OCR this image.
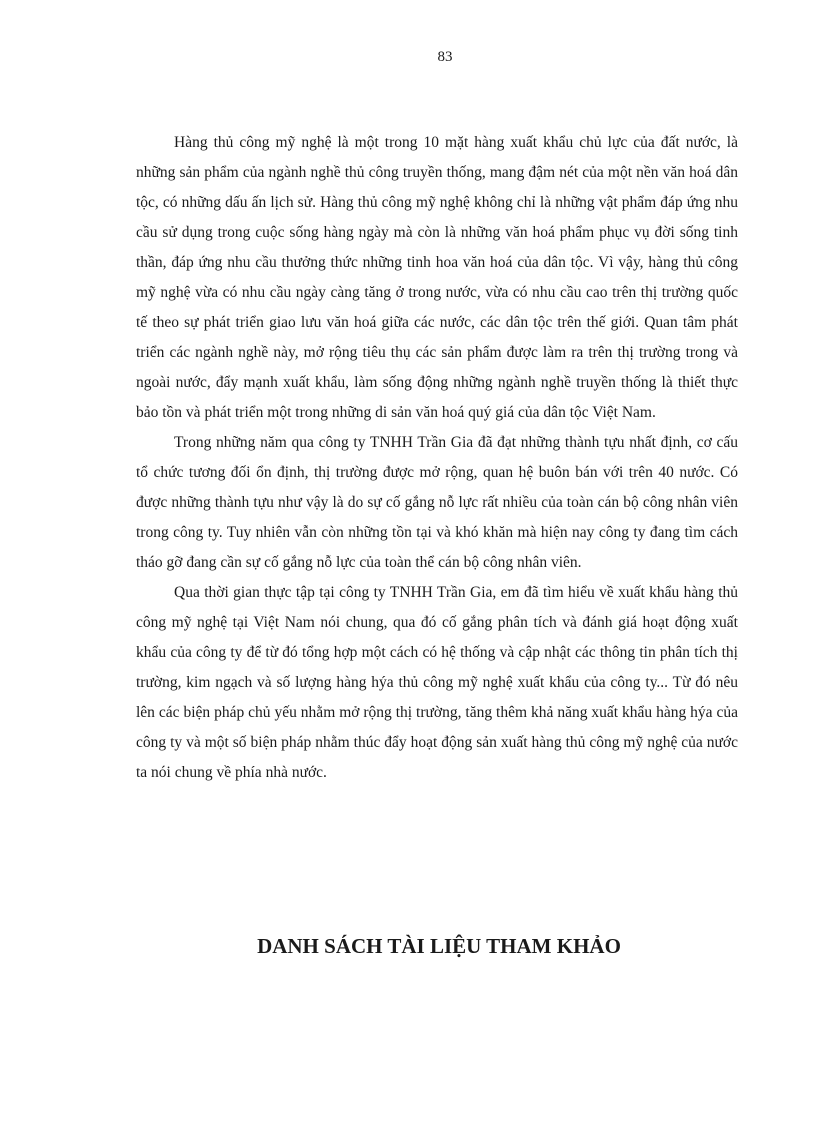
83

Hàng thủ công mỹ nghệ là một trong 10 mặt hàng xuất khẩu chủ lực của đất nước, là những sản phẩm của ngành nghề thủ công truyền thống, mang đậm nét của một nền văn hoá dân tộc, có những dấu ấn lịch sử. Hàng thủ công mỹ nghệ không chỉ là những vật phẩm đáp ứng nhu cầu sử dụng trong cuộc sống hàng ngày mà còn là những văn hoá phẩm phục vụ đời sống tinh thần, đáp ứng nhu cầu thưởng thức những tinh hoa văn hoá của dân tộc. Vì vậy, hàng thủ công mỹ nghệ vừa có nhu cầu ngày càng tăng ở trong nước, vừa có nhu cầu cao trên thị trường quốc tế theo sự phát triển giao lưu văn hoá giữa các nước, các dân tộc trên thế giới. Quan tâm phát triển các ngành nghề này, mở rộng tiêu thụ các sản phẩm được làm ra trên thị trường trong và ngoài nước, đẩy mạnh xuất khẩu, làm sống động những ngành nghề truyền thống là thiết thực bảo tồn và phát triển một trong những di sản văn hoá quý giá của dân tộc Việt Nam.

Trong những năm qua công ty TNHH Trần Gia đã đạt những thành tựu nhất định, cơ cấu tổ chức tương đối ổn định, thị trường được mở rộng, quan hệ buôn bán với trên 40 nước. Có được những thành tựu như vậy là do sự cố gắng nỗ lực rất nhiều của toàn cán bộ công nhân viên trong công ty. Tuy nhiên vẫn còn những tồn tại và khó khăn mà hiện nay công ty đang tìm cách tháo gỡ đang cần sự cố gắng nỗ lực của toàn thể cán bộ công nhân viên.

Qua thời gian thực tập tại công ty TNHH Trần Gia, em đã tìm hiểu về xuất khẩu hàng thủ công mỹ nghệ tại Việt Nam nói chung, qua đó cố gắng phân tích và đánh giá hoạt động xuất khẩu của công ty để từ đó tổng hợp một cách có hệ thống và cập nhật các thông tin phân tích thị trường, kim ngạch và số lượng hàng hýa thủ công mỹ nghệ xuất khẩu của công ty... Từ đó nêu lên các biện pháp chủ yếu nhằm mở rộng thị trường, tăng thêm khả năng xuất khẩu hàng hýa của công ty và một số biện pháp nhằm thúc đẩy hoạt động sản xuất hàng thủ công mỹ nghệ của nước ta nói chung về phía nhà nước.

DANH SÁCH TÀI LIỆU THAM KHẢO
